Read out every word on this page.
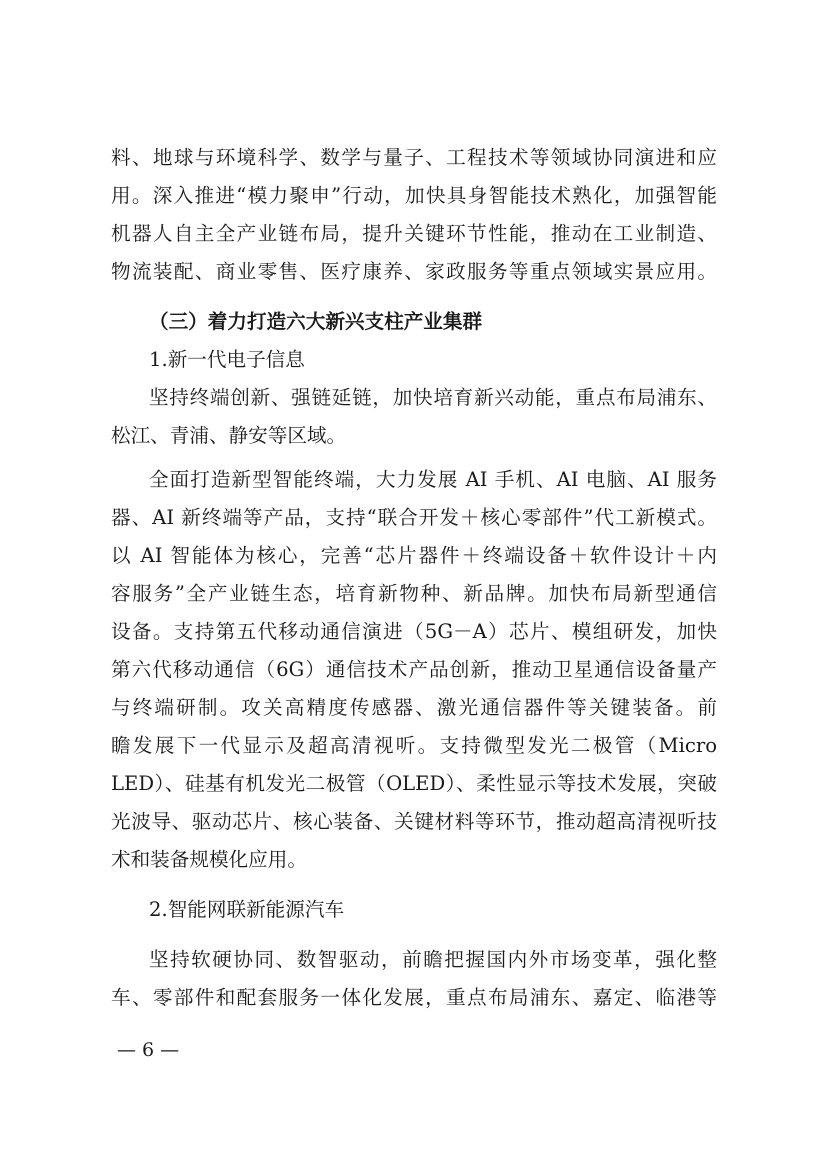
料、地球与环境科学、数学与量子、工程技术等领域协同演进和应
用。深入推进“模力聚申”行动，加快具身智能技术熟化，加强智能
机器人自主全产业链布局，提升关键环节性能，推动在工业制造、
物流装配、商业零售、医疗康养、家政服务等重点领域实景应用。
（三）着力打造六大新兴支柱产业集群
1.新一代电子信息
坚持终端创新、强链延链，加快培育新兴动能，重点布局浦东、
松江、青浦、静安等区域。
全面打造新型智能终端，大力发展 AI 手机、AI 电脑、AI 服务
器、AI 新终端等产品，支持“联合开发＋核心零部件”代工新模式。
以 AI 智能体为核心，完善“芯片器件＋终端设备＋软件设计＋内
容服务”全产业链生态，培育新物种、新品牌。加快布局新型通信
设备。支持第五代移动通信演进（5G－A）芯片、模组研发，加快
第六代移动通信（6G）通信技术产品创新，推动卫星通信设备量产
与终端研制。攻关高精度传感器、激光通信器件等关键装备。前
瞻发展下一代显示及超高清视听。支持微型发光二极管（Micro
LED）、硅基有机发光二极管（OLED）、柔性显示等技术发展，突破
光波导、驱动芯片、核心装备、关键材料等环节，推动超高清视听技
术和装备规模化应用。
2.智能网联新能源汽车
坚持软硬协同、数智驱动，前瞻把握国内外市场变革，强化整
车、零部件和配套服务一体化发展，重点布局浦东、嘉定、临港等
— 6 —
